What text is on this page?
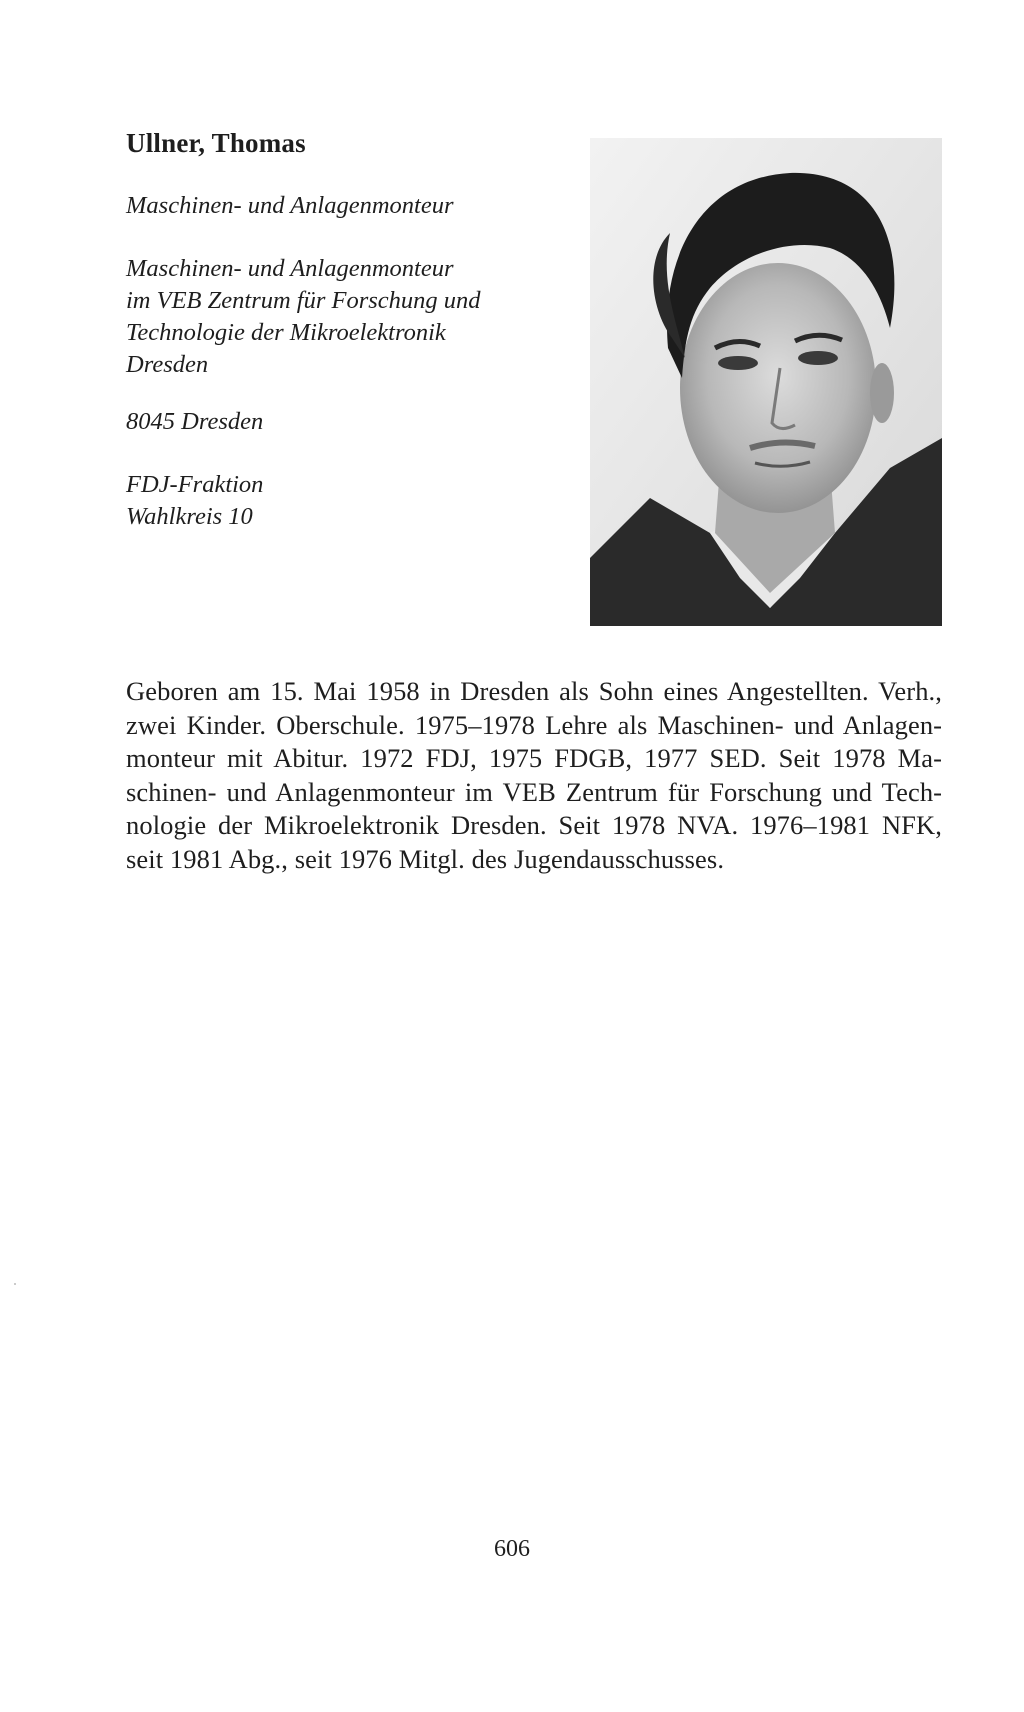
Ullner, Thomas

Maschinen- und Anlagenmonteur

Maschinen- und Anlagenmonteur
im VEB Zentrum für Forschung und
Technologie der Mikroelektronik
Dresden

8045 Dresden

FDJ-Fraktion
Wahlkreis 10

Geboren am 15. Mai 1958 in Dresden als Sohn eines Angestellten. Verh., zwei Kinder. Oberschule. 1975–1978 Lehre als Maschinen- und Anlagenmonteur mit Abitur. 1972 FDJ, 1975 FDGB, 1977 SED. Seit 1978 Maschinen- und Anlagenmonteur im VEB Zentrum für Forschung und Technologie der Mikroelektronik Dresden. Seit 1978 NVA. 1976–1981 NFK, seit 1981 Abg., seit 1976 Mitgl. des Jugendausschusses.

606
